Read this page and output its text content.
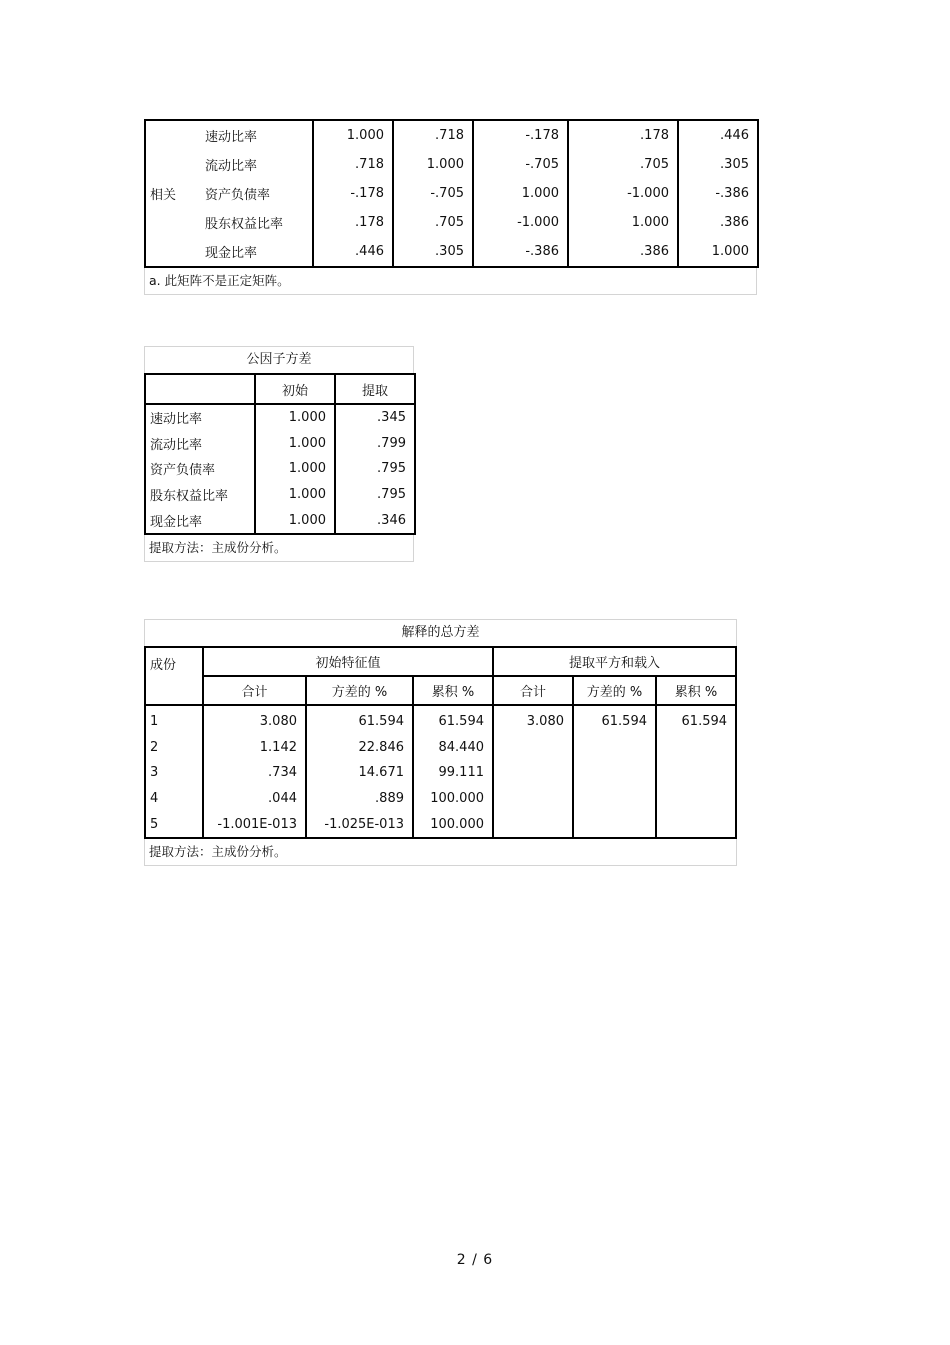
相关	速动比率	1.000	.718	-.178	.178	.446
	流动比率	.718	1.000	-.705	.705	.305
	资产负债率	-.178	-.705	1.000	-1.000	-.386
	股东权益比率	.178	.705	-1.000	1.000	.386
	现金比率	.446	.305	-.386	.386	1.000
a. 此矩阵不是正定矩阵。
公因子方差
	初始	提取
速动比率	1.000	.345
流动比率	1.000	.799
资产负债率	1.000	.795
股东权益比率	1.000	.795
现金比率	1.000	.346
提取方法：主成份分析。
解释的总方差
成份	初始特征值			提取平方和载入		
	合计	方差的 %	累积 %	合计	方差的 %	累积 %
1	3.080	61.594	61.594	3.080	61.594	61.594
2	1.142	22.846	84.440			
3	.734	14.671	99.111			
4	.044	.889	100.000			
5	-1.001E-013	-1.025E-013	100.000			
提取方法：主成份分析。
2 / 6
